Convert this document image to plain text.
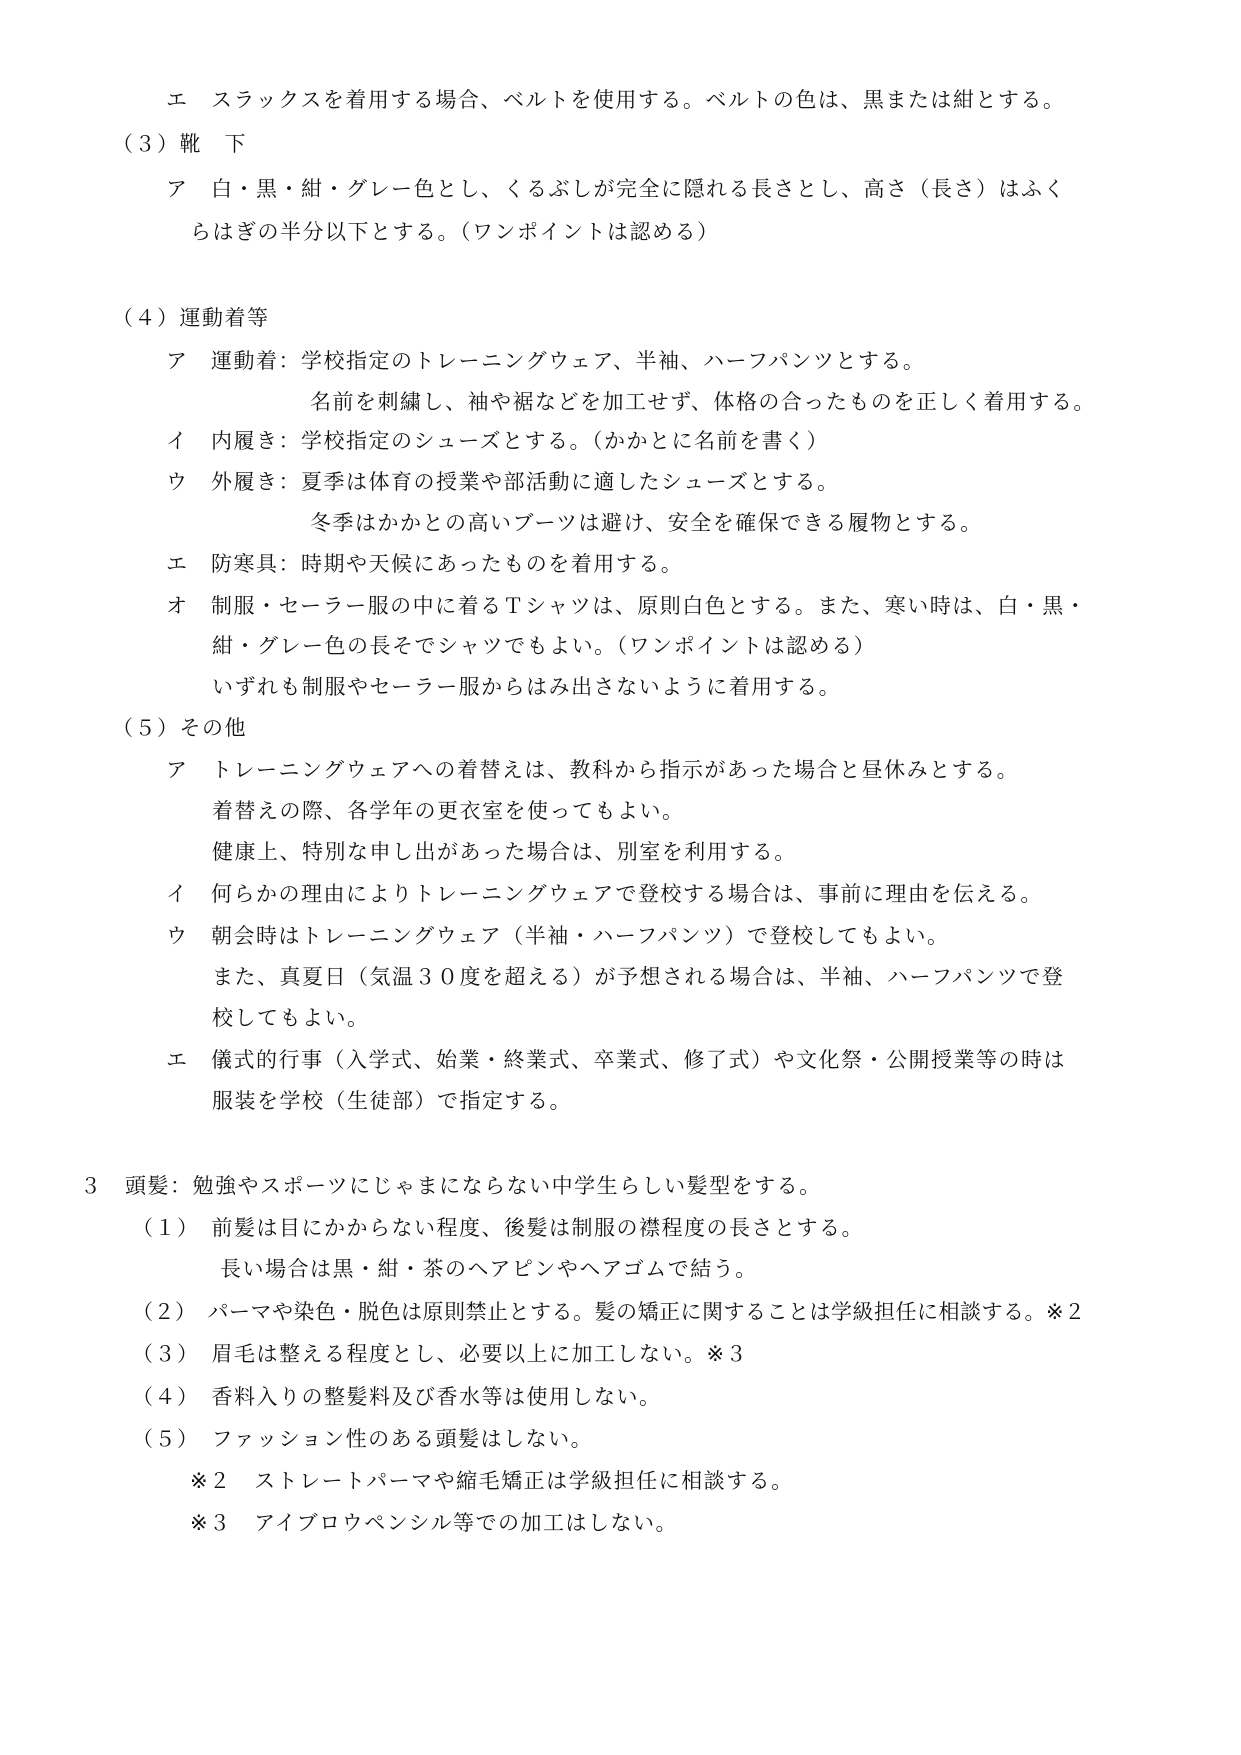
エ　スラックスを着用する場合、ベルトを使用する。ベルトの色は、黒または紺とする。
（３）靴　下
ア　白・黒・紺・グレー色とし、くるぶしが完全に隠れる長さとし、高さ（長さ）はふく
らはぎの半分以下とする。（ワンポイントは認める）
（４）運動着等
ア　運動着：学校指定のトレーニングウェア、半袖、ハーフパンツとする。
名前を刺繍し、袖や裾などを加工せず、体格の合ったものを正しく着用する。
イ　内履き：学校指定のシューズとする。（かかとに名前を書く）
ウ　外履き：夏季は体育の授業や部活動に適したシューズとする。
冬季はかかとの高いブーツは避け、安全を確保できる履物とする。
エ　防寒具：時期や天候にあったものを着用する。
オ　制服・セーラー服の中に着るＴシャツは、原則白色とする。また、寒い時は、白・黒・
紺・グレー色の長そでシャツでもよい。（ワンポイントは認める）
いずれも制服やセーラー服からはみ出さないように着用する。
（５）その他
ア　トレーニングウェアへの着替えは、教科から指示があった場合と昼休みとする。
着替えの際、各学年の更衣室を使ってもよい。
健康上、特別な申し出があった場合は、別室を利用する。
イ　何らかの理由によりトレーニングウェアで登校する場合は、事前に理由を伝える。
ウ　朝会時はトレーニングウェア（半袖・ハーフパンツ）で登校してもよい。
また、真夏日（気温３０度を超える）が予想される場合は、半袖、ハーフパンツで登
校してもよい。
エ　儀式的行事（入学式、始業・終業式、卒業式、修了式）や文化祭・公開授業等の時は
服装を学校（生徒部）で指定する。
３　頭髪：勉強やスポーツにじゃまにならない中学生らしい髪型をする。
（１）　前髪は目にかからない程度、後髪は制服の襟程度の長さとする。
長い場合は黒・紺・茶のヘアピンやヘアゴムで結う。
（２）　パーマや染色・脱色は原則禁止とする。髪の矯正に関することは学級担任に相談する。※２
（３）　眉毛は整える程度とし、必要以上に加工しない。※３
（４）　香料入りの整髪料及び香水等は使用しない。
（５）　ファッション性のある頭髪はしない。
※２　ストレートパーマや縮毛矯正は学級担任に相談する。
※３　アイブロウペンシル等での加工はしない。
